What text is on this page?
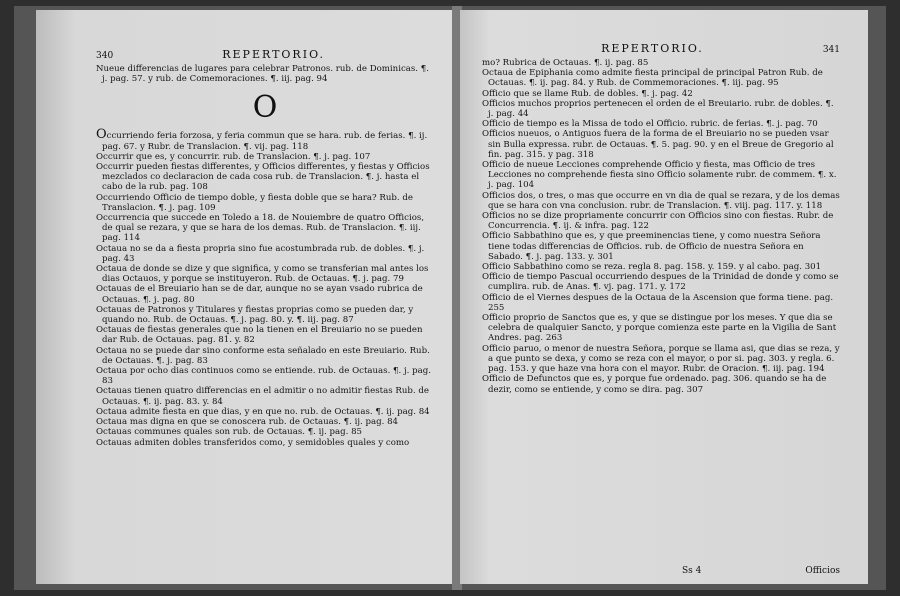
340	REPERTORIO.

Nueue differencias de lugares para celebrar Patronos. rub. de Dominicas. ¶. j. pag. 57. y rub. de Comemoraciones. ¶. iij. pag. 94

O

Occurriendo feria forzosa, y feria commun que se hara. rub. de ferias. ¶. ij. pag. 67. y Rubr. de Translacion. ¶. vij. pag. 118

Occurrir que es, y concurrir. rub. de Translacion. ¶. j. pag. 107

Occurrir pueden fiestas differentes, y Officios differentes, y fiestas y Officios mezclados co declaracion de cada cosa rub. de Translacion. ¶. j. hasta el cabo de la rub. pag. 108

Occurriendo Officio de tiempo doble, y fiesta doble que se hara? Rub. de Translacion. ¶. j. pag. 109

Occurrencia que succede en Toledo a 18. de Nouiembre de quatro Officios, de qual se rezara, y que se hara de los demas. Rub. de Translacion. ¶. iij. pag. 114

Octaua no se da a fiesta propria sino fue acostumbrada rub. de dobles. ¶. j. pag. 43

Octaua de donde se dize y que significa, y como se transferian mal antes los dias Octauos, y porque se instituyeron. Rub. de Octauas. ¶. j. pag. 79

Octauas de el Breuiario han se de dar, aunque no se ayan vsado rubrica de Octauas. ¶. j. pag. 80

Octauas de Patronos y Titulares y fiestas proprias como se pueden dar, y quando no. Rub. de Octauas. ¶. j. pag. 80. y. ¶. iij. pag. 87

Octauas de fiestas generales que no la tienen en el Breuiario no se pueden dar Rub. de Octauas. pag. 81. y. 82

Octaua no se puede dar sino conforme esta señalado en este Breuiario. Rub. de Octauas. ¶. j. pag. 83

Octaua por ocho dias continuos como se entiende. rub. de Octauas. ¶. j. pag. 83

Octauas tienen quatro differencias en el admitir o no admitir fiestas Rub. de Octauas. ¶. ij. pag. 83. y. 84

Octaua admite fiesta en que dias, y en que no. rub. de Octauas. ¶. ij. pag. 84

Octaua mas digna en que se conoscera rub. de Octauas. ¶. ij. pag. 84

Octauas communes quales son rub. de Octauas. ¶. ij. pag. 85

Octauas admiten dobles transferidos como, y semidobles quales y como

REPERTORIO.	341

mo? Rubrica de Octauas. ¶. ij. pag. 85

Octaua de Epiphania como admite fiesta principal de principal Patron Rub. de Octauas. ¶. ij. pag. 84. y Rub. de Commemoraciones. ¶. iij. pag. 95

Officio que se llame Rub. de dobles. ¶. j. pag. 42

Officios muchos proprios pertenecen el orden de el Breuiario. rubr. de dobles. ¶. j. pag. 44

Officio de tiempo es la Missa de todo el Officio. rubric. de ferias. ¶. j. pag. 70

Officios nueuos, o Antiguos fuera de la forma de el Breuiario no se pueden vsar sin Bulla expressa. rubr. de Octauas. ¶. 5. pag. 90. y en el Breue de Gregorio al fin. pag. 315. y pag. 318

Officio de nueue Lecciones comprehende Officio y fiesta, mas Officio de tres Lecciones no comprehende fiesta sino Officio solamente rubr. de commem. ¶. x. j. pag. 104

Officios dos, o tres, o mas que occurre en vn dia de qual se rezara, y de los demas que se hara con vna conclusion. rubr. de Translacion. ¶. viij. pag. 117. y. 118

Officios no se dize propriamente concurrir con Officios sino con fiestas. Rubr. de Concurrencia. ¶. ij. & infra. pag. 122

Officio Sabbathino que es, y que preeminencias tiene, y como nuestra Señora tiene todas differencias de Officios. rub. de Officio de nuestra Señora en Sabado. ¶. j. pag. 133. y. 301

Officio Sabbathino como se reza. regla 8. pag. 158. y. 159. y al cabo. pag. 301

Officio de tiempo Pascual occurriendo despues de la Trinidad de donde y como se cumplira. rub. de Anas. ¶. vj. pag. 171. y. 172

Officio de el Viernes despues de la Octaua de la Ascension que forma tiene. pag. 255

Officio proprio de Sanctos que es, y que se distingue por los meses. Y que dia se celebra de qualquier Sancto, y porque comienza este parte en la Vigilia de Sant Andres. pag. 263

Officio paruo, o menor de nuestra Señora, porque se llama asi, que dias se reza, y a que punto se dexa, y como se reza con el mayor, o por si. pag. 303. y regla. 6. pag. 153. y que haze vna hora con el mayor. Rubr. de Oracion. ¶. iij. pag. 194

Officio de Defunctos que es, y porque fue ordenado. pag. 306. quando se ha de dezir, como se entiende, y como se dira. pag. 307

Ss 4	Officios
